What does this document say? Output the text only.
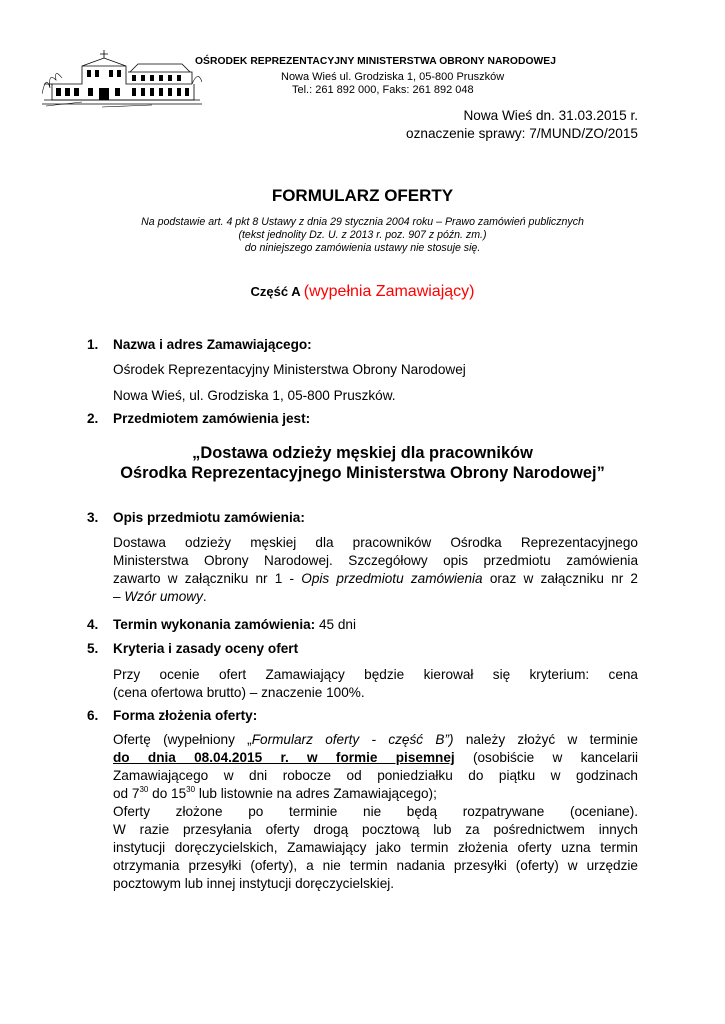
OŚRODEK REPREZENTACYJNY MINISTERSTWA OBRONY NARODOWEJ
Nowa Wieś ul. Grodziska 1, 05-800 Pruszków
Tel.: 261 892 000, Faks: 261 892 048
Nowa Wieś dn. 31.03.2015 r.
oznaczenie sprawy: 7/MUND/ZO/2015
FORMULARZ OFERTY
Na podstawie art. 4 pkt 8 Ustawy z dnia 29 stycznia 2004 roku – Prawo zamówień publicznych
(tekst jednolity Dz. U. z 2013 r. poz. 907 z późn. zm.)
do niniejszego zamówienia ustawy nie stosuje się.
Część A (wypełnia Zamawiający)
1. Nazwa i adres Zamawiającego:
Ośrodek Reprezentacyjny Ministerstwa Obrony Narodowej
Nowa Wieś, ul. Grodziska 1, 05-800 Pruszków.
2. Przedmiotem zamówienia jest:
„Dostawa odzieży męskiej dla pracowników
Ośrodka Reprezentacyjnego Ministerstwa Obrony Narodowej”
3. Opis przedmiotu zamówienia:
Dostawa odzieży męskiej dla pracowników Ośrodka Reprezentacyjnego
Ministerstwa Obrony Narodowej. Szczegółowy opis przedmiotu zamówienia
zawarto w załączniku nr 1 - Opis przedmiotu zamówienia oraz w załączniku nr 2
– Wzór umowy.
4. Termin wykonania zamówienia: 45 dni
5. Kryteria i zasady oceny ofert
Przy ocenie ofert Zamawiający będzie kierował się kryterium: cena
(cena ofertowa brutto) – znaczenie 100%.
6. Forma złożenia oferty:
Ofertę (wypełniony „Formularz oferty - część B”) należy złożyć w terminie
do dnia 08.04.2015 r. w formie pisemnej (osobiście w kancelarii
Zamawiającego w dni robocze od poniedziałku do piątku w godzinach
od $7^{30}$ do $15^{30}$ lub listownie na adres Zamawiającego);
Oferty złożone po terminie nie będą rozpatrywane (oceniane).
W razie przesyłania oferty drogą pocztową lub za pośrednictwem innych
instytucji doręczycielskich, Zamawiający jako termin złożenia oferty uzna termin
otrzymania przesyłki (oferty), a nie termin nadania przesyłki (oferty) w urzędzie
pocztowym lub innej instytucji doręczycielskiej.
